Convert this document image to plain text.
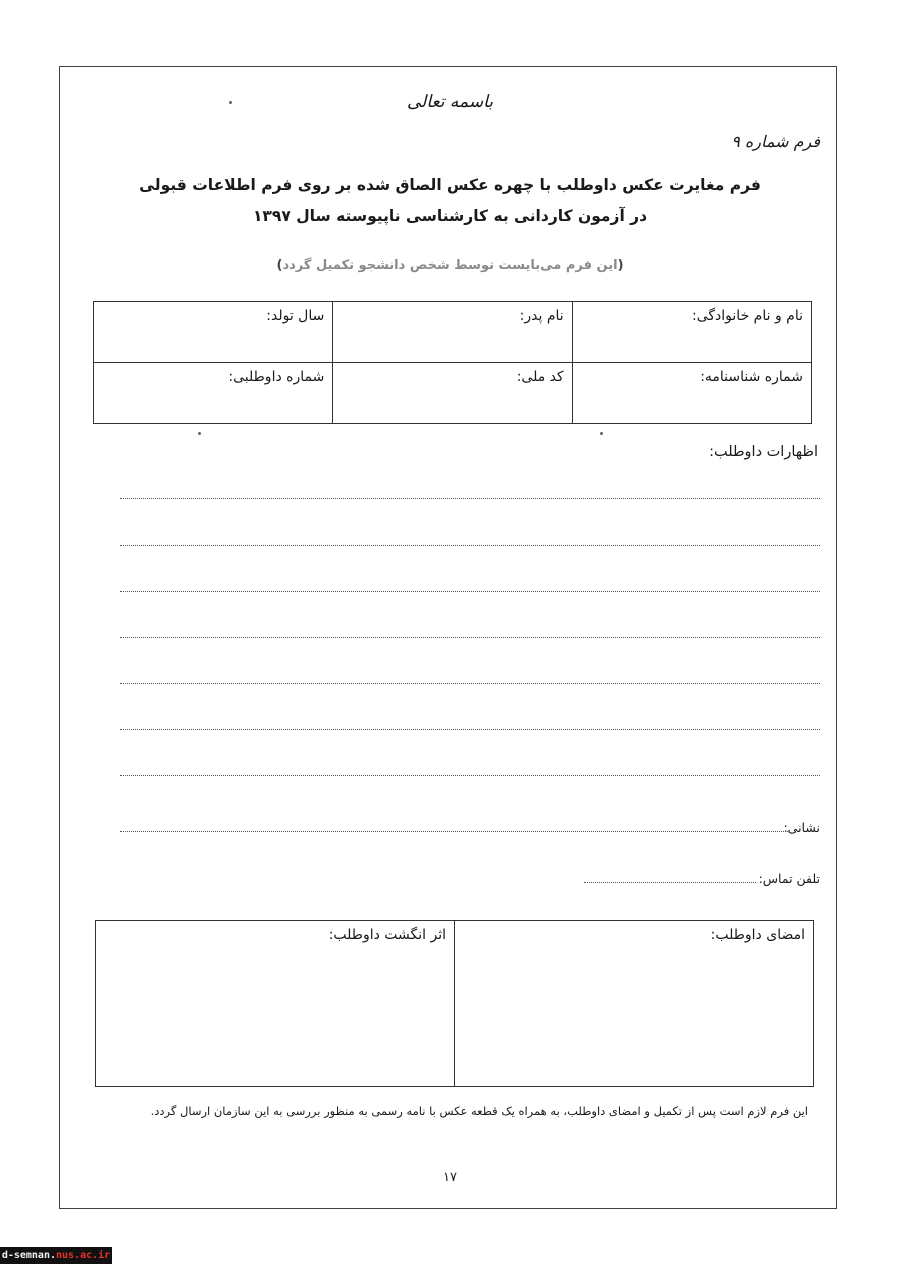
باسمه تعالی
فرم شماره ۹
فرم مغایرت عکس داوطلب با چهره عکس الصاق شده بر روی فرم اطلاعات قبولی
در آزمون کاردانی به کارشناسی ناپیوسته سال ۱۳۹۷
(این فرم می‌بایست توسط شخص دانشجو تکمیل گردد)
نام و نام خانوادگی:	نام پدر:	سال تولد:
شماره شناسنامه:	کد ملی:	شماره داوطلبی:
اظهارات داوطلب:
نشانی:
تلفن تماس:
امضای داوطلب:	اثر انگشت داوطلب:
این فرم لازم است پس از تکمیل و امضای داوطلب، به همراه یک قطعه عکس با نامه رسمی به منظور بررسی به این سازمان ارسال گردد.
۱۷
d-semnan.nus.ac.ir
